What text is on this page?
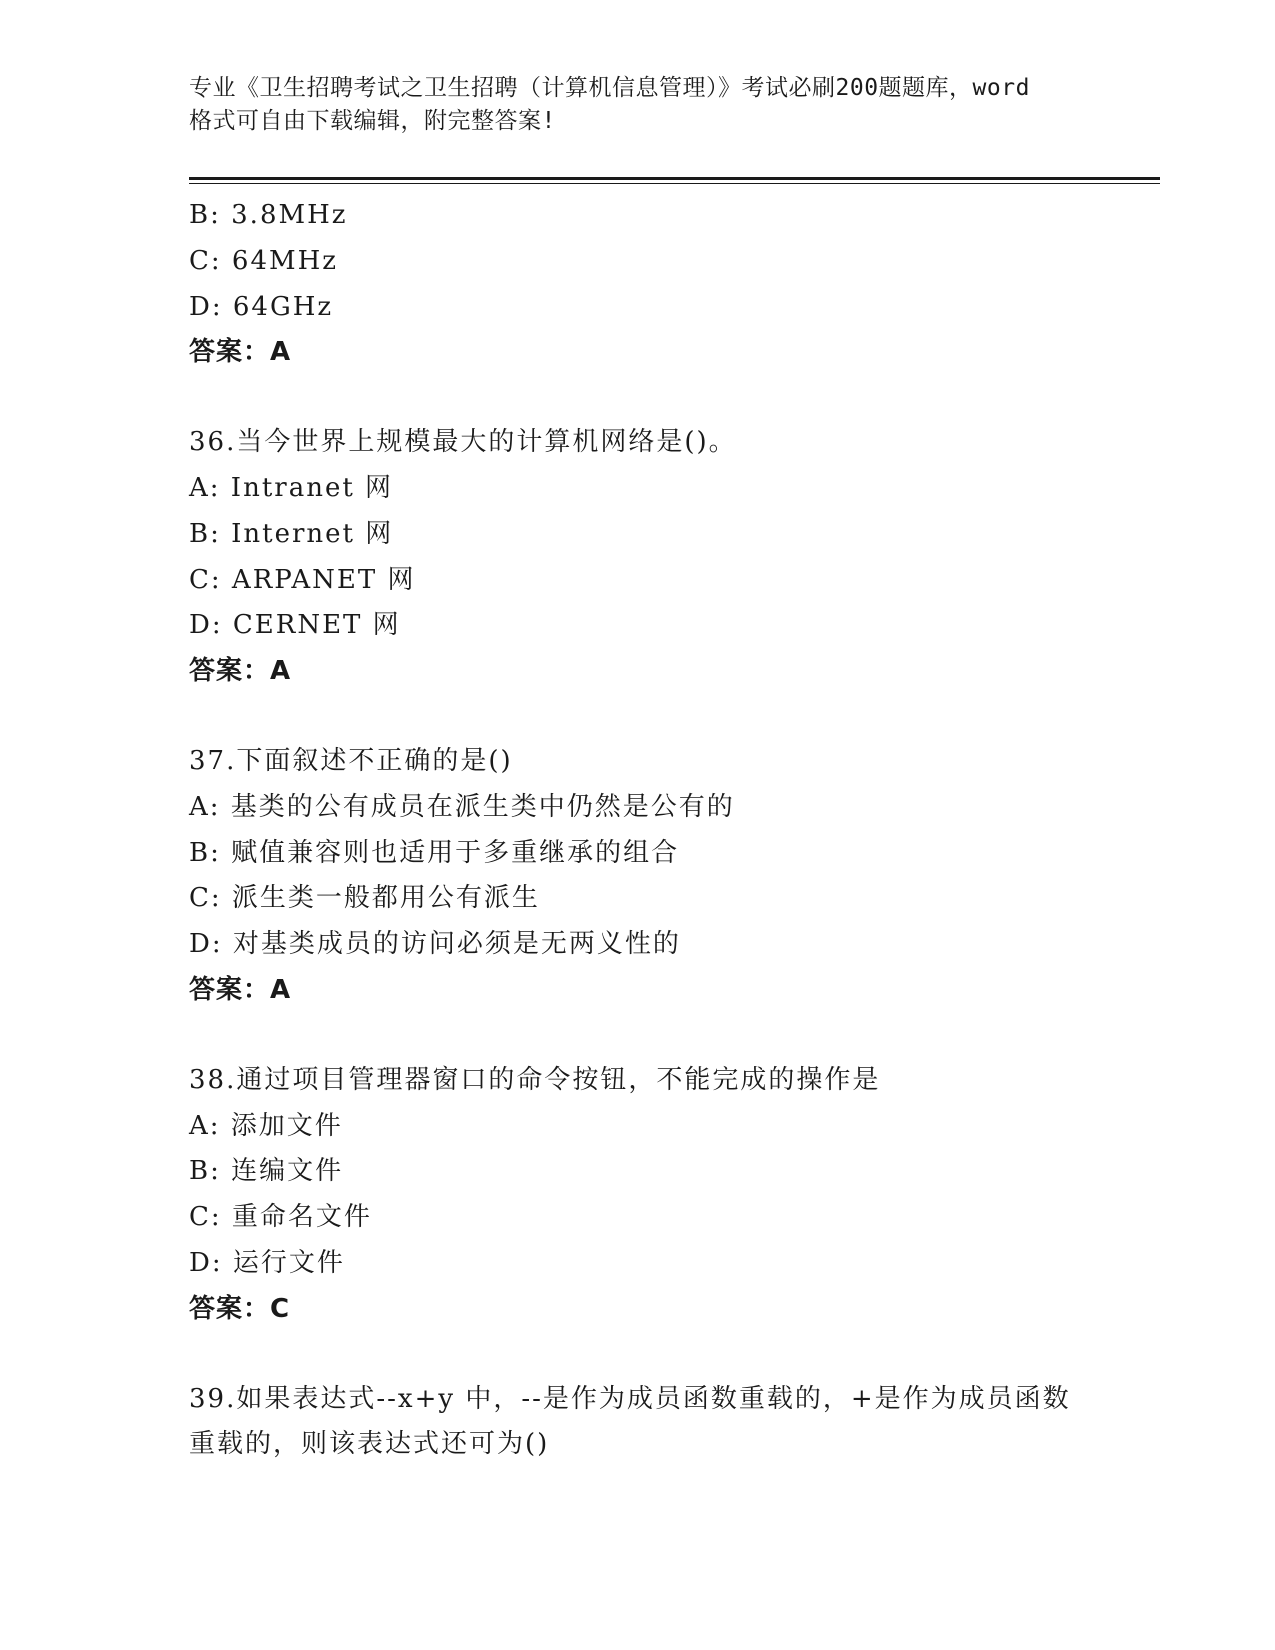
专业《卫生招聘考试之卫生招聘（计算机信息管理）》考试必刷200题题库，word
格式可自由下载编辑，附完整答案!
B: 3.8MHz
C: 64MHz
D: 64GHz
答案：A
36.当今世界上规模最大的计算机网络是()。
A: Intranet 网
B: Internet 网
C: ARPANET 网
D: CERNET 网
答案：A
37.下面叙述不正确的是()
A: 基类的公有成员在派生类中仍然是公有的
B: 赋值兼容则也适用于多重继承的组合
C: 派生类一般都用公有派生
D: 对基类成员的访问必须是无两义性的
答案：A
38.通过项目管理器窗口的命令按钮，不能完成的操作是
A: 添加文件
B: 连编文件
C: 重命名文件
D: 运行文件
答案：C
39.如果表达式--x+y 中，--是作为成员函数重载的，+是作为成员函数
重载的，则该表达式还可为()
